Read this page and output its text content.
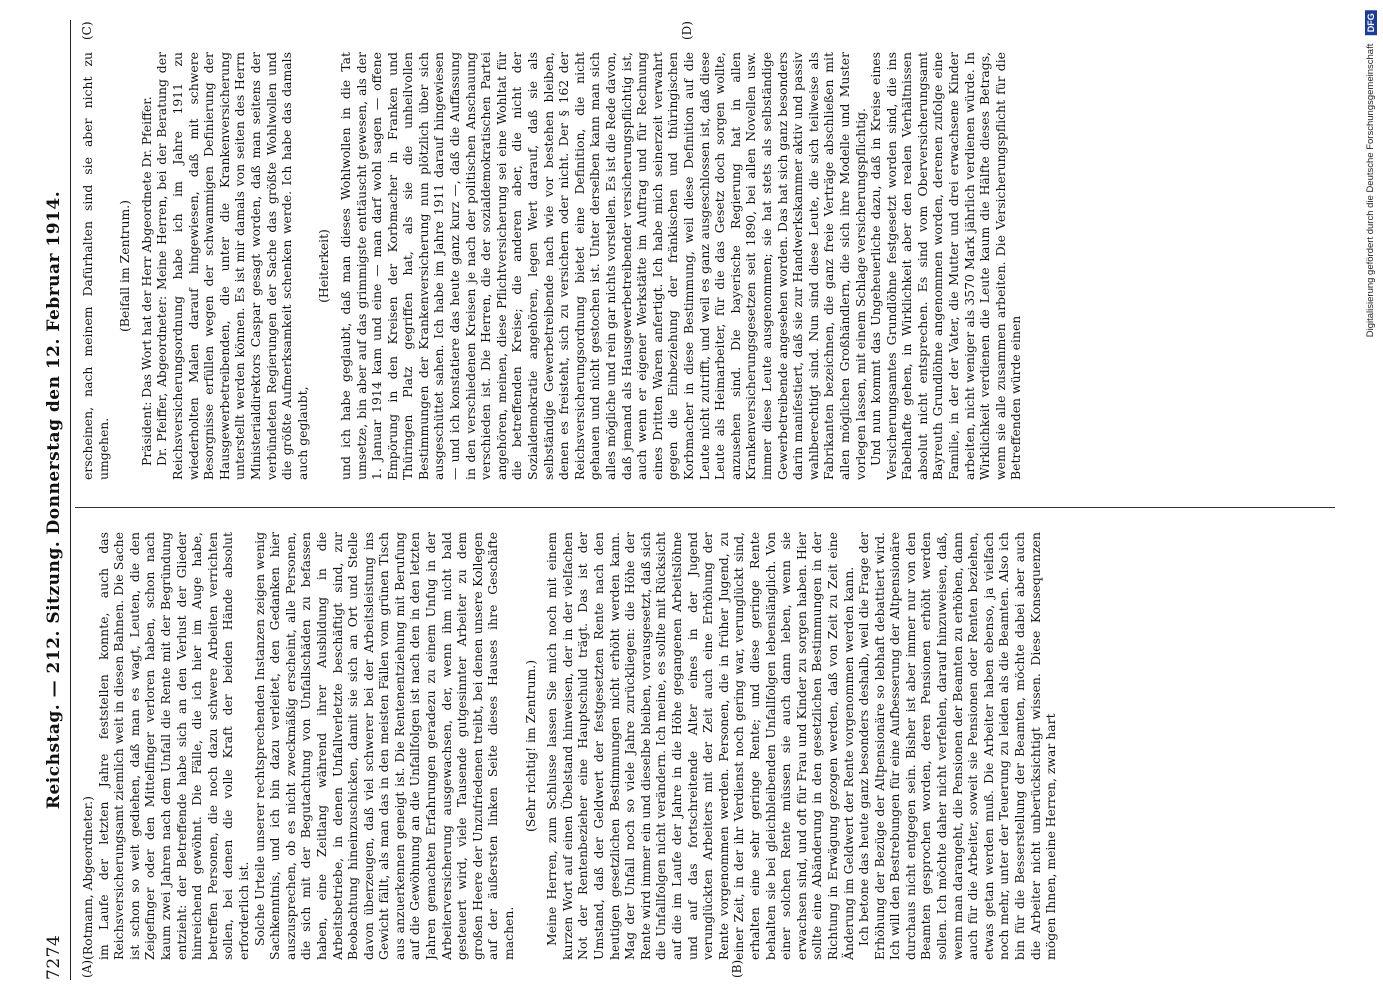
7274
Reichstag. — 212. Sitzung. Donnerstag den 12. Februar 1914.
(A)	(B)
(C)	(D)

(Rotmann, Abgeordneter.) im Laufe der letzten Jahre feststellen konnte, auch das Reichsversicherungsamt ziemlich weit in diesen Bahnen. Die Sache ist schon so weit gediehen, daß man es wagt, Leuten, die den Zeigefinger oder den Mittelfinger verloren haben, schon nach kaum zwei Jahren nach dem Unfall die Rente mit der Begründung entzieht: der Betreffende habe sich an den Verlust der Glieder hinreichend gewöhnt. Die Fälle, die ich hier im Auge habe, betreffen Personen, die noch dazu schwere Arbeiten verrichten sollen, bei denen die volle Kraft der beiden Hände absolut erforderlich ist. Solche Urteile unserer rechtsprechenden Instanzen zeigen wenig Sachkenntnis, und ich bin dazu verleitet, den Gedanken hier auszusprechen, ob es nicht zweckmäßig erscheint, alle Personen, die sich mit der Begutachtung von Unfallschäden zu befassen haben, eine Zeitlang während ihrer Ausbildung in die Arbeitsbetriebe, in denen Unfallverletzte beschäftigt sind, zur Beobachtung hineinzuschicken, damit sie sich an Ort und Stelle davon überzeugen, daß viel schwerer bei der Arbeitsleistung ins Gewicht fällt, als man das in den meisten Fällen vom grünen Tisch aus anzuerkennen geneigt ist. Die Rentenentziehung mit Berufung auf die Gewöhnung an die Unfallfolgen ist nach den in den letzten Jahren gemachten Erfahrungen geradezu zu einem Unfug in der Arbeiterversicherung ausgewachsen, der, wenn ihm nicht bald gesteuert wird, viele Tausende gutgesinnter Arbeiter zu dem großen Heere der Unzufriedenen treibt, bei denen unsere Kollegen auf der äußersten linken Seite dieses Hauses ihre Geschäfte machen.

(Sehr richtig! im Zentrum.) Meine Herren, zum Schlusse lassen Sie mich noch mit einem kurzen Wort auf einen Übelstand hinweisen, der in der vielfachen Not der Rentenbezieher eine Hauptschuld trägt. Das ist der Umstand, daß der Geldwert der festgesetzten Rente nach den heutigen gesetzlichen Bestimmungen nicht erhöht werden kann. Mag der Unfall noch so viele Jahre zurückliegen: die Höhe der Rente wird immer ein und dieselbe bleiben, vorausgesetzt, daß sich die Unfallfolgen nicht verändern. Ich meine, es sollte mit Rücksicht auf die im Laufe der Jahre in die Höhe gegangenen Arbeitslöhne und auf das fortschreitende Alter eines in der Jugend verunglückten Arbeiters mit der Zeit auch eine Erhöhung der Rente vorgenommen werden. Personen, die in früher Jugend, zu einer Zeit, in der ihr Verdienst noch gering war, verunglückt sind, erhalten eine sehr geringe Rente; und diese geringe Rente behalten sie bei gleichbleibenden Unfallfolgen lebenslänglich. Von einer solchen Rente müssen sie auch dann leben, wenn sie erwachsen sind, und oft für Frau und Kinder zu sorgen haben. Hier sollte eine Abänderung in den gesetzlichen Bestimmungen in der Richtung in Erwägung gezogen werden, daß von Zeit zu Zeit eine Änderung im Geldwert der Rente vorgenommen werden kann. Ich betone das heute ganz besonders deshalb, weil die Frage der Erhöhung der Bezüge der Altpensionäre so lebhaft debattiert wird. Ich will den Bestrebungen für eine Aufbesserung der Altpensionäre durchaus nicht entgegen sein. Bisher ist aber immer nur von den Beamten gesprochen worden, deren Pensionen erhöht werden sollen. Ich möchte daher nicht verfehlen, darauf hinzuweisen, daß, wenn man darangeht, die Pensionen der Beamten zu erhöhen, dann auch für die Arbeiter, soweit sie Pensionen oder Renten beziehen, etwas getan werden muß. Die Arbeiter haben ebenso, ja vielfach noch mehr, unter der Teuerung zu leiden als die Beamten. Also ich bin für die Besserstellung der Beamten, möchte dabei aber auch die Arbeiter nicht unberücksichtigt wissen. Diese Konsequenzen mögen Ihnen, meine Herren, zwar hart

erscheinen, nach meinem Dafürhalten sind sie aber nicht zu umgehen.

(Beifall im Zentrum.) Präsident: Das Wort hat der Herr Abgeordnete Dr. Pfeiffer. Dr. Pfeiffer, Abgeordneter: Meine Herren, bei der Beratung der Reichsversicherungsordnung habe ich im Jahre 1911 zu wiederholten Malen darauf hingewiesen, daß mit schwere Besorgnisse erfüllen wegen der schwammigen Definierung der Hausgewerbetreibenden, die unter die Krankenversicherung unterstellt werden können. Es ist mir damals von seiten des Herrn Ministerialdirektors Caspar gesagt worden, daß man seitens der verbündeten Regierungen der Sache das größte Wohlwollen und die größte Aufmerksamkeit schenken werde. Ich habe das damals auch geglaubt,

(Heiterkeit) und ich habe geglaubt, daß man dieses Wohlwollen in die Tat umsetze, bin aber auf das grimmigste enttäuscht gewesen, als der 1. Januar 1914 kam und eine — man darf wohl sagen — offene Empörung in den Kreisen der Korbmacher in Franken und Thüringen Platz gegriffen hat, als sie die unheilvollen Bestimmungen der Krankenversicherung nun plötzlich über sich ausgeschüttet sahen. Ich habe im Jahre 1911 darauf hingewiesen — und ich konstatiere das heute ganz kurz —, daß die Auffassung in den verschiedenen Kreisen je nach der politischen Anschauung verschieden ist. Die Herren, die der sozialdemokratischen Partei angehören, meinen, diese Pflichtversicherung sei eine Wohltat für die betreffenden Kreise; die anderen aber, die nicht der Sozialdemokratie angehören, legen Wert darauf, daß sie als selbständige Gewerbetreibende nach wie vor bestehen bleiben, denen es freisteht, sich zu versichern oder nicht. Der § 162 der Reichsversicherungsordnung bietet eine Definition, die nicht gehauen und nicht gestochen ist. Unter derselben kann man sich alles mögliche und rein gar nichts vorstellen. Es ist die Rede davon, daß jemand als Hausgewerbetreibender versicherungspflichtig ist, auch wenn er eigener Werkstätte im Auftrag und für Rechnung eines Dritten Waren anfertigt. Ich habe mich seinerzeit verwahrt gegen die Einbeziehung der fränkischen und thüringischen Korbmacher in diese Bestimmung, weil diese Definition auf die Leute nicht zutrifft, und weil es ganz ausgeschlossen ist, daß diese Leute als Heimarbeiter, für die das Gesetz doch sorgen wollte, anzusehen sind. Die bayerische Regierung hat in allen Krankenversicherungsgesetzen seit 1890, bei allen Novellen usw. immer diese Leute ausgenommen; sie hat stets als selbständige Gewerbetreibende angesehen worden. Das hat sich ganz besonders darin manifestiert, daß sie zur Handwerkskammer aktiv und passiv wahlberechtigt sind. Nun sind diese Leute, die sich teilweise als Fabrikanten bezeichnen, die ganz freie Verträge abschließen mit allen möglichen Großhändlern, die sich ihre Modelle und Muster vorlegen lassen, mit einem Schlage versicherungspflichtig. Und nun kommt das Ungeheuerliche dazu, daß in Kreise eines Versicherungsamtes Grundlöhne festgesetzt worden sind, die ins Fabelhafte gehen, in Wirklichkeit aber den realen Verhältnissen absolut nicht entsprechen. Es sind vom Oberversicherungsamt Bayreuth Grundlöhne angenommen worden, derenen zufolge eine Familie, in der der Vater, die Mutter und drei erwachsene Kinder arbeiten, nicht weniger als 3570 Mark jährlich verdienen würde. In Wirklichkeit verdienen die Leute kaum die Hälfte dieses Betrags, wenn sie alle zusammen arbeiten. Die Versicherungspflicht für die Betreffenden würde einen

Digitalisierung gefördert durch die Deutsche Forschungsgemeinschaft DFG
